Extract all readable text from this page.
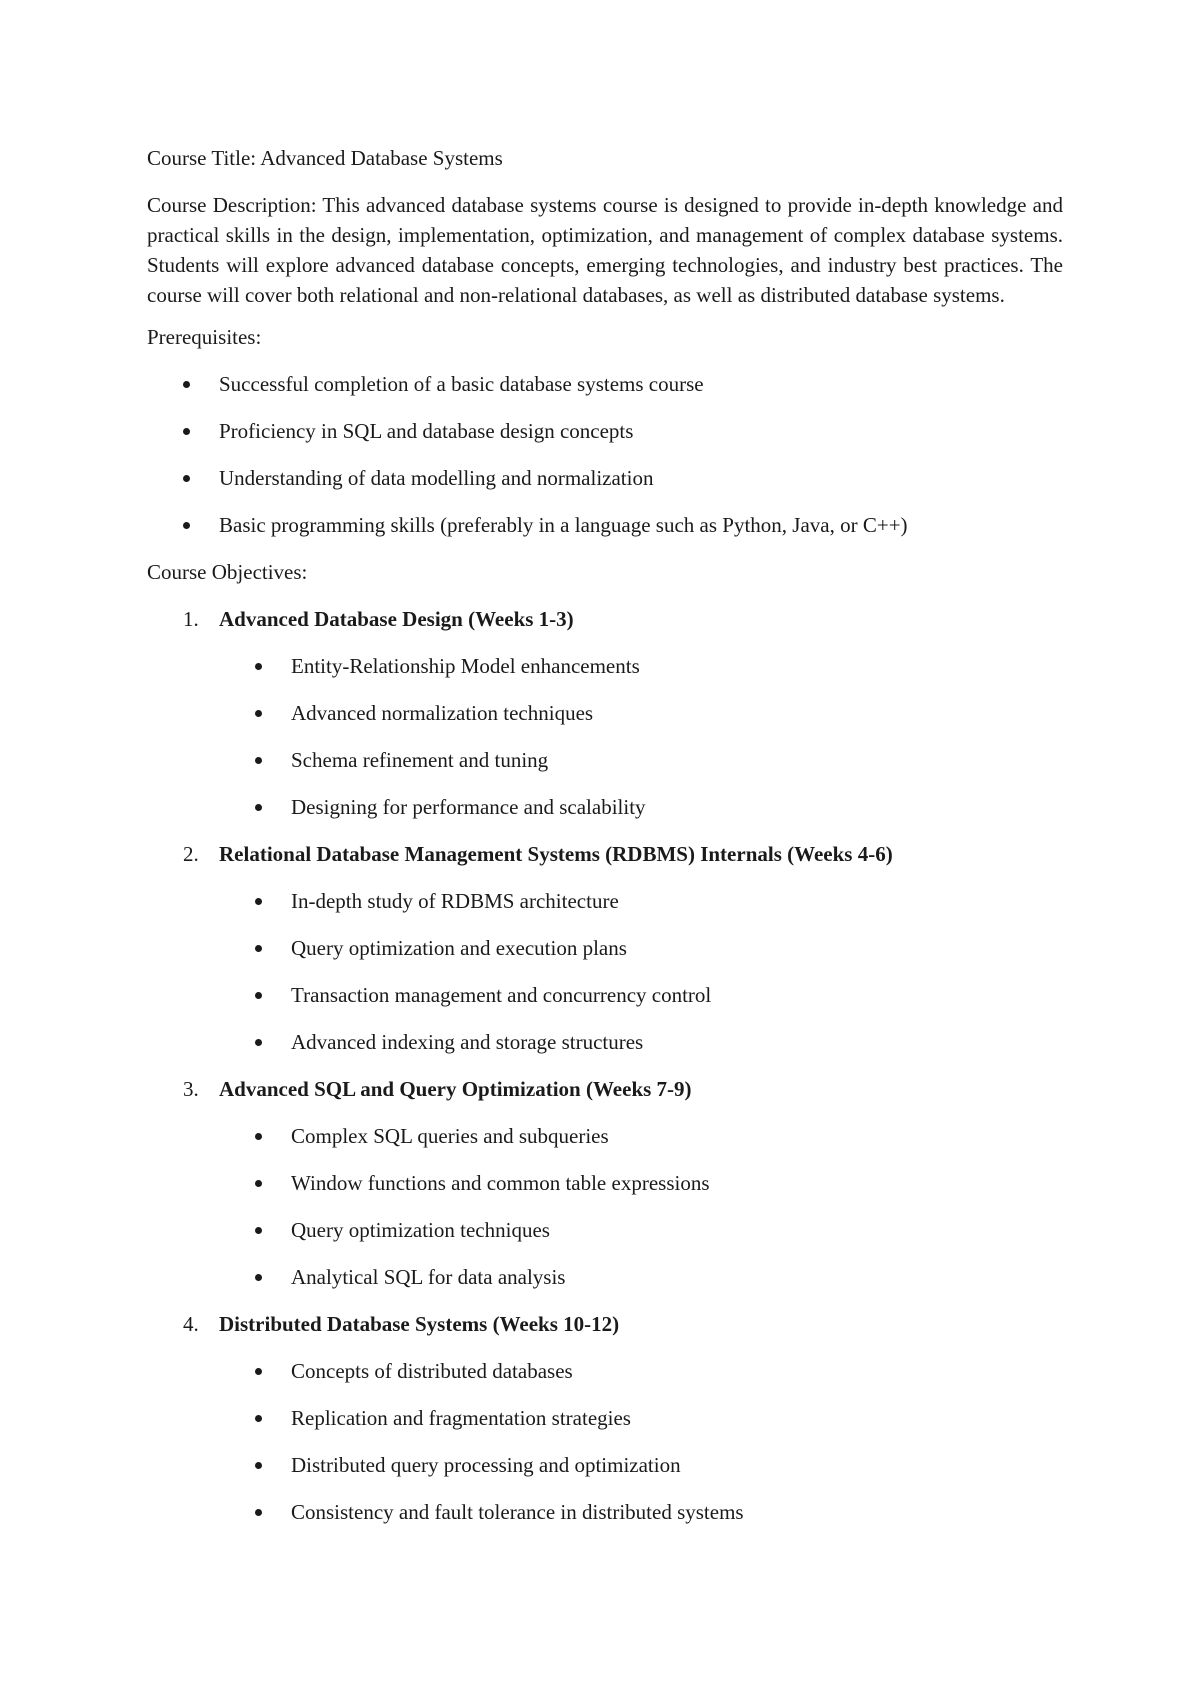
Course Title: Advanced Database Systems

Course Description: This advanced database systems course is designed to provide in-depth knowledge and practical skills in the design, implementation, optimization, and management of complex database systems. Students will explore advanced database concepts, emerging technologies, and industry best practices. The course will cover both relational and non-relational databases, as well as distributed database systems.

Prerequisites:

Successful completion of a basic database systems course
Proficiency in SQL and database design concepts
Understanding of data modelling and normalization
Basic programming skills (preferably in a language such as Python, Java, or C++)

Course Objectives:

1. Advanced Database Design (Weeks 1-3)
Entity-Relationship Model enhancements
Advanced normalization techniques
Schema refinement and tuning
Designing for performance and scalability
2. Relational Database Management Systems (RDBMS) Internals (Weeks 4-6)
In-depth study of RDBMS architecture
Query optimization and execution plans
Transaction management and concurrency control
Advanced indexing and storage structures
3. Advanced SQL and Query Optimization (Weeks 7-9)
Complex SQL queries and subqueries
Window functions and common table expressions
Query optimization techniques
Analytical SQL for data analysis
4. Distributed Database Systems (Weeks 10-12)
Concepts of distributed databases
Replication and fragmentation strategies
Distributed query processing and optimization
Consistency and fault tolerance in distributed systems
